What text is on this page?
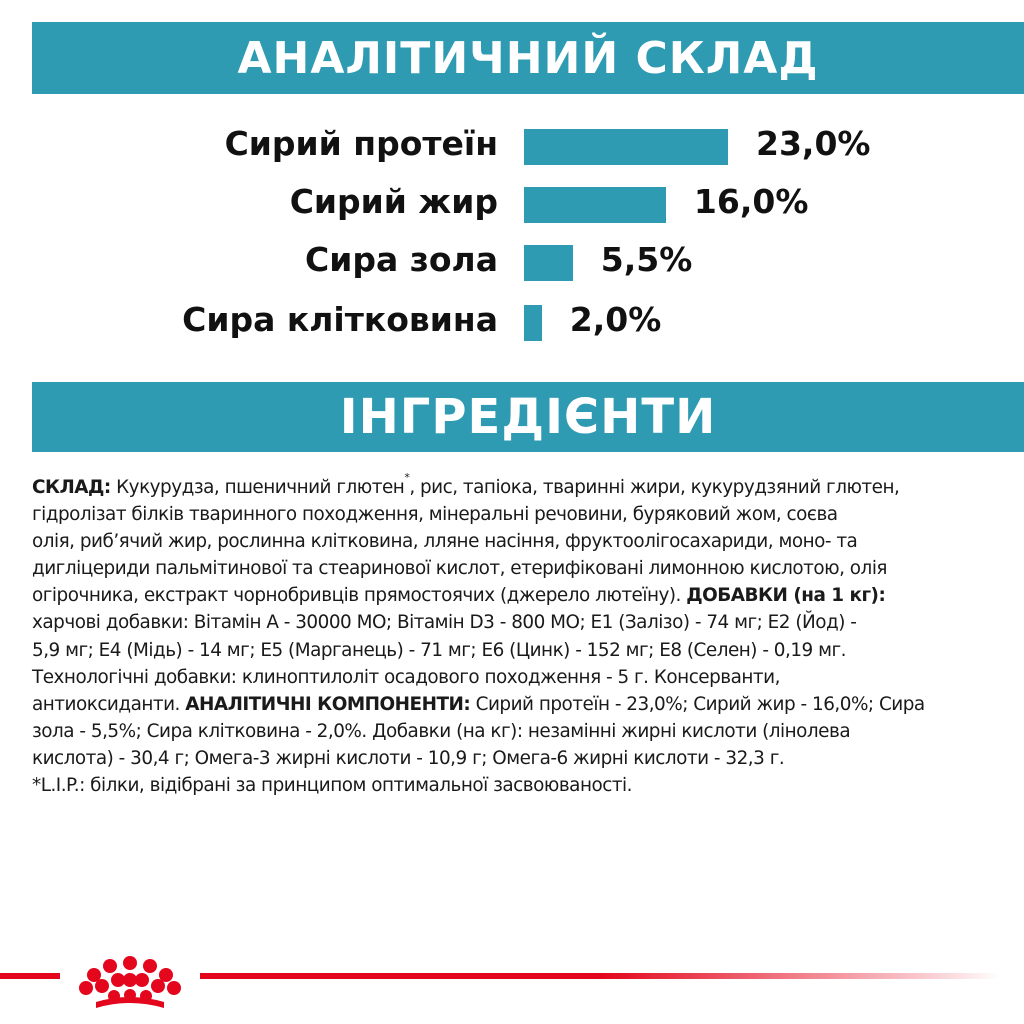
АНАЛІТИЧНИЙ СКЛАД
Сирий протеїн	23,0%
Сирий жир	16,0%
Сира зола	5,5%
Сира клітковина 2,0%
ІНГРЕДІЄНТИ
СКЛАД: Кукурудза, пшеничний глютен*, рис, тапіока, тваринні жири, кукурудзяний глютен,
гідролізат білків тваринного походження, мінеральні речовини, буряковий жом, соєва
олія, риб’ячий жир, рослинна клітковина, лляне насіння, фруктоолігосахариди, моно- та
дигліцериди пальмітинової та стеаринової кислот, етерифіковані лимонною кислотою, олія
огірочника, екстракт чорнобривців прямостоячих (джерело лютеїну). ДОБАВКИ (на 1 кг):
харчові добавки: Вітамін А - 30000 МО; Вітамін D3 - 800 МО; E1 (Залізо) - 74 мг; E2 (Йод) -
5,9 мг; E4 (Мідь) - 14 мг; E5 (Марганець) - 71 мг; E6 (Цинк) - 152 мг; E8 (Селен) - 0,19 мг.
Технологічні добавки: клиноптилоліт осадового походження - 5 г. Консерванти,
антиоксиданти. АНАЛІТИЧНІ КОМПОНЕНТИ: Сирий протеїн - 23,0%; Сирий жир - 16,0%; Сира
зола - 5,5%; Сира клітковина - 2,0%. Добавки (на кг): незамінні жирні кислоти (лінолева
кислота) - 30,4 г; Омега-3 жирні кислоти - 10,9 г; Омега-6 жирні кислоти - 32,3 г.
*L.I.P.: білки, відібрані за принципом оптимальної засвоюваності.
